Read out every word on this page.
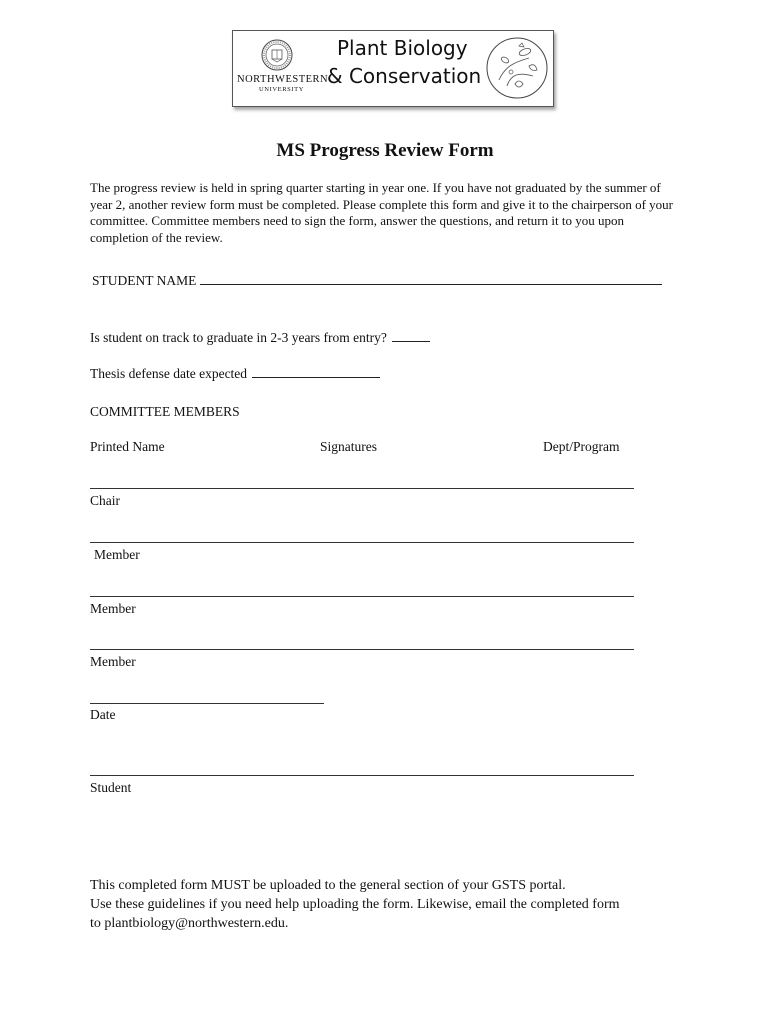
NORTHWESTERN
UNIVERSITY
Plant Biology
& Conservation
MS Progress Review Form

The progress review is held in spring quarter starting in year one. If you have not graduated by the summer of year 2, another review form must be completed. Please complete this form and give it to the chairperson of your committee. Committee members need to sign the form, answer the questions, and return it to you upon completion of the review.

STUDENT NAME
Is student on track to graduate in 2-3 years from entry?
Thesis defense date expected
COMMITTEE MEMBERS
Printed Name	Signatures	Dept/Program
Chair
Member
Member
Member
Date
Student
This completed form MUST be uploaded to the general section of your GSTS portal.
Use these guidelines if you need help uploading the form. Likewise, email the completed form
to plantbiology@northwestern.edu.
